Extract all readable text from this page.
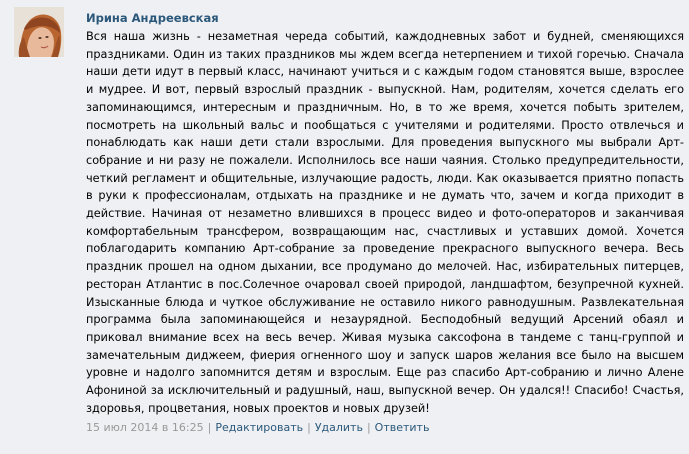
Ирина Андреевская
Вся наша жизнь - незаметная череда событий, каждодневных забот и будней, сменяющихся
праздниками. Один из таких праздников мы ждем всегда нетерпением и тихой горечью. Сначала
наши дети идут в первый класс, начинают учиться и с каждым годом становятся выше, взрослее
и мудрее. И вот, первый взрослый праздник - выпускной. Нам, родителям, хочется сделать его
запоминающимся, интересным и праздничным. Но, в то же время, хочется побыть зрителем,
посмотреть на школьный вальс и пообщаться с учителями и родителями. Просто отвлечься и
понаблюдать как наши дети стали взрослыми. Для проведения выпускного мы выбрали Арт-
собрание и ни разу не пожалели. Исполнилось все наши чаяния. Столько предупредительности,
четкий регламент и общительные, излучающие радость, люди. Как оказывается приятно попасть
в руки к профессионалам, отдыхать на празднике и не думать что, зачем и когда приходит в
действие. Начиная от незаметно влившихся в процесс видео и фото-операторов и заканчивая
комфортабельным трансфером, возвращающим нас, счастливых и уставших домой. Хочется
поблагодарить компанию Арт-собрание за проведение прекрасного выпускного вечера. Весь
праздник прошел на одном дыхании, все продумано до мелочей. Нас, избирательных питерцев,
ресторан Атлантис в пос.Солечное очаровал своей природой, ландшафтом, безупречной кухней.
Изысканные блюда и чуткое обслуживание не оставило никого равнодушным. Развлекательная
программа была запоминающейся и незаурядной. Бесподобный ведущий Арсений обаял и
приковал внимание всех на весь вечер. Живая музыка саксофона в тандеме с танц-группой и
замечательным диджеем, фиерия огненного шоу и запуск шаров желания все было на высшем
уровне и надолго запомнится детям и взрослым. Еще раз спасибо Арт-собранию и лично Алене
Афониной за исключительный и радушный, наш, выпускной вечер. Он удался!! Спасибо! Счастья,
здоровья, процветания, новых проектов и новых друзей!
15 июл 2014 в 16:25 | Редактировать | Удалить | Ответить
